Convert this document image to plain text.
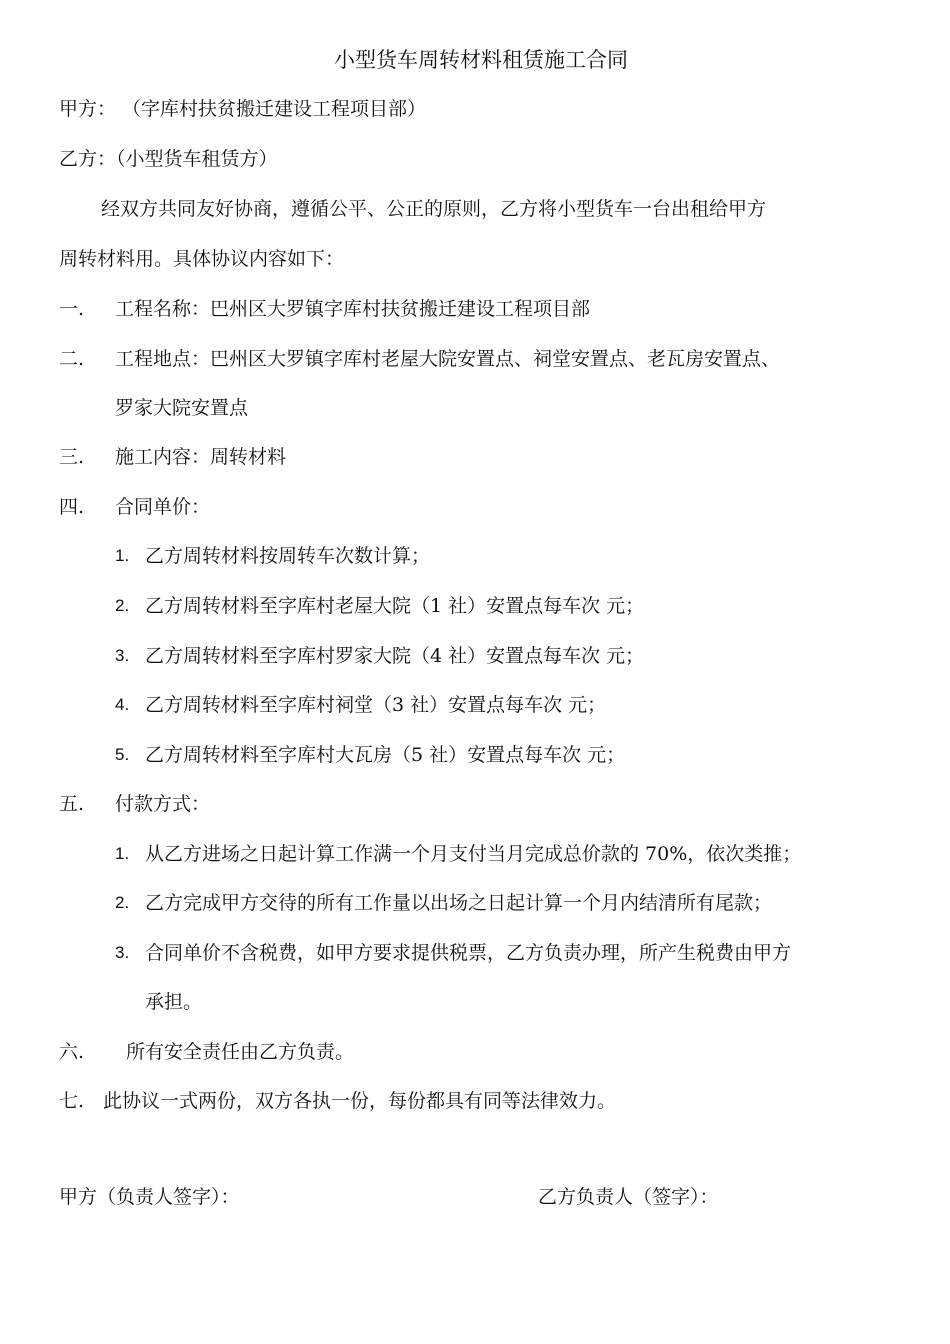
小型货车周转材料租赁施工合同
甲方： （字库村扶贫搬迁建设工程项目部）
乙方：（小型货车租赁方）
经双方共同友好协商，遵循公平、公正的原则，乙方将小型货车一台出租给甲方
周转材料用。具体协议内容如下：
一. 工程名称：巴州区大罗镇字库村扶贫搬迁建设工程项目部
二. 工程地点：巴州区大罗镇字库村老屋大院安置点、祠堂安置点、老瓦房安置点、
罗家大院安置点
三. 施工内容：周转材料
四. 合同单价：
1. 乙方周转材料按周转车次数计算；
2. 乙方周转材料至字库村老屋大院（1 社）安置点每车次 元；
3. 乙方周转材料至字库村罗家大院（4 社）安置点每车次 元；
4. 乙方周转材料至字库村祠堂（3 社）安置点每车次 元；
5. 乙方周转材料至字库村大瓦房（5 社）安置点每车次 元；
五. 付款方式：
1. 从乙方进场之日起计算工作满一个月支付当月完成总价款的 70%，依次类推；
2. 乙方完成甲方交待的所有工作量以出场之日起计算一个月内结清所有尾款；
3. 合同单价不含税费，如甲方要求提供税票，乙方负责办理，所产生税费由甲方
承担。
六. 所有安全责任由乙方负责。
七. 此协议一式两份，双方各执一份，每份都具有同等法律效力。
甲方（负责人签字）：	乙方负责人（签字）：
